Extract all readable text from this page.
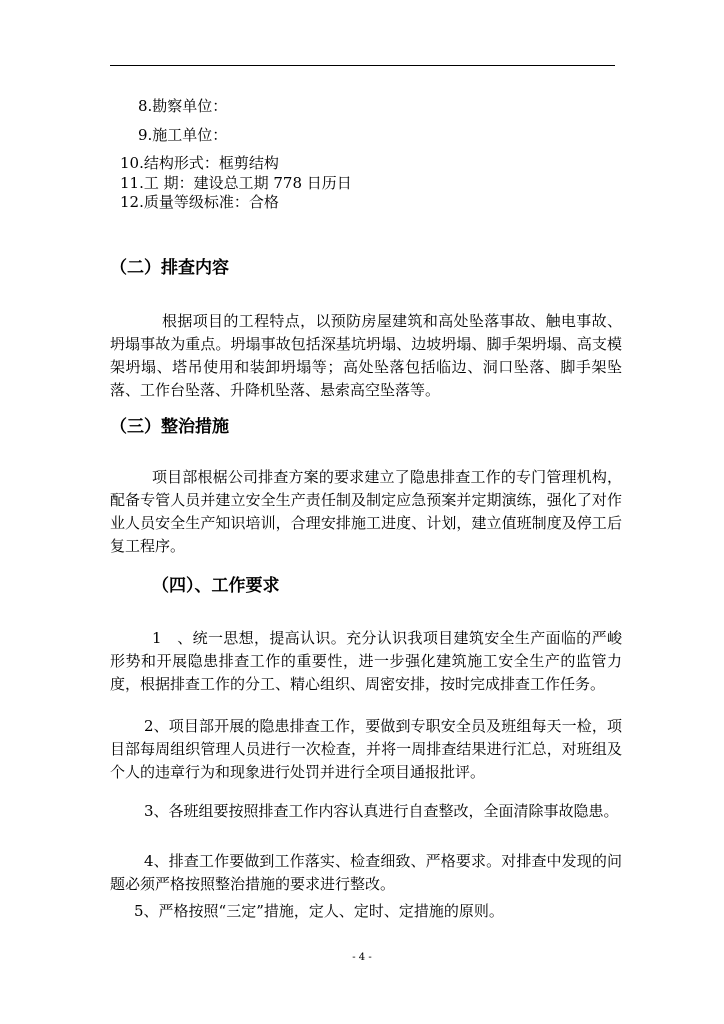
8.勘察单位：
9.施工单位：
10.结构形式：框剪结构
11.工 期：建设总工期 778 日历日
12.质量等级标准：合格
（二）排查内容
根据项目的工程特点，以预防房屋建筑和高处坠落事故、触电事故、坍塌事故为重点。坍塌事故包括深基坑坍塌、边坡坍塌、脚手架坍塌、高支模架坍塌、塔吊使用和装卸坍塌等；高处坠落包括临边、洞口坠落、脚手架坠落、工作台坠落、升降机坠落、悬索高空坠落等。
（三）整治措施
项目部根椐公司排查方案的要求建立了隐患排查工作的专门管理机构，配备专管人员并建立安全生产责任制及制定应急预案并定期演练，强化了对作业人员安全生产知识培训，合理安排施工进度、计划，建立值班制度及停工后复工程序。
（四）、工作要求
1　、统一思想，提高认识。充分认识我项目建筑安全生产面临的严峻形势和开展隐患排查工作的重要性，进一步强化建筑施工安全生产的监管力度，根据排查工作的分工、精心组织、周密安排，按时完成排查工作任务。
2、项目部开展的隐患排查工作，要做到专职安全员及班组每天一检，项目部每周组织管理人员进行一次检查，并将一周排查结果进行汇总，对班组及个人的违章行为和现象进行处罚并进行全项目通报批评。
3、各班组要按照排查工作内容认真进行自查整改，全面清除事故隐患。
4、排查工作要做到工作落实、检查细致、严格要求。对排查中发现的问题必须严格按照整治措施的要求进行整改。
5、严格按照“三定”措施，定人、定时、定措施的原则。
- 4 -
